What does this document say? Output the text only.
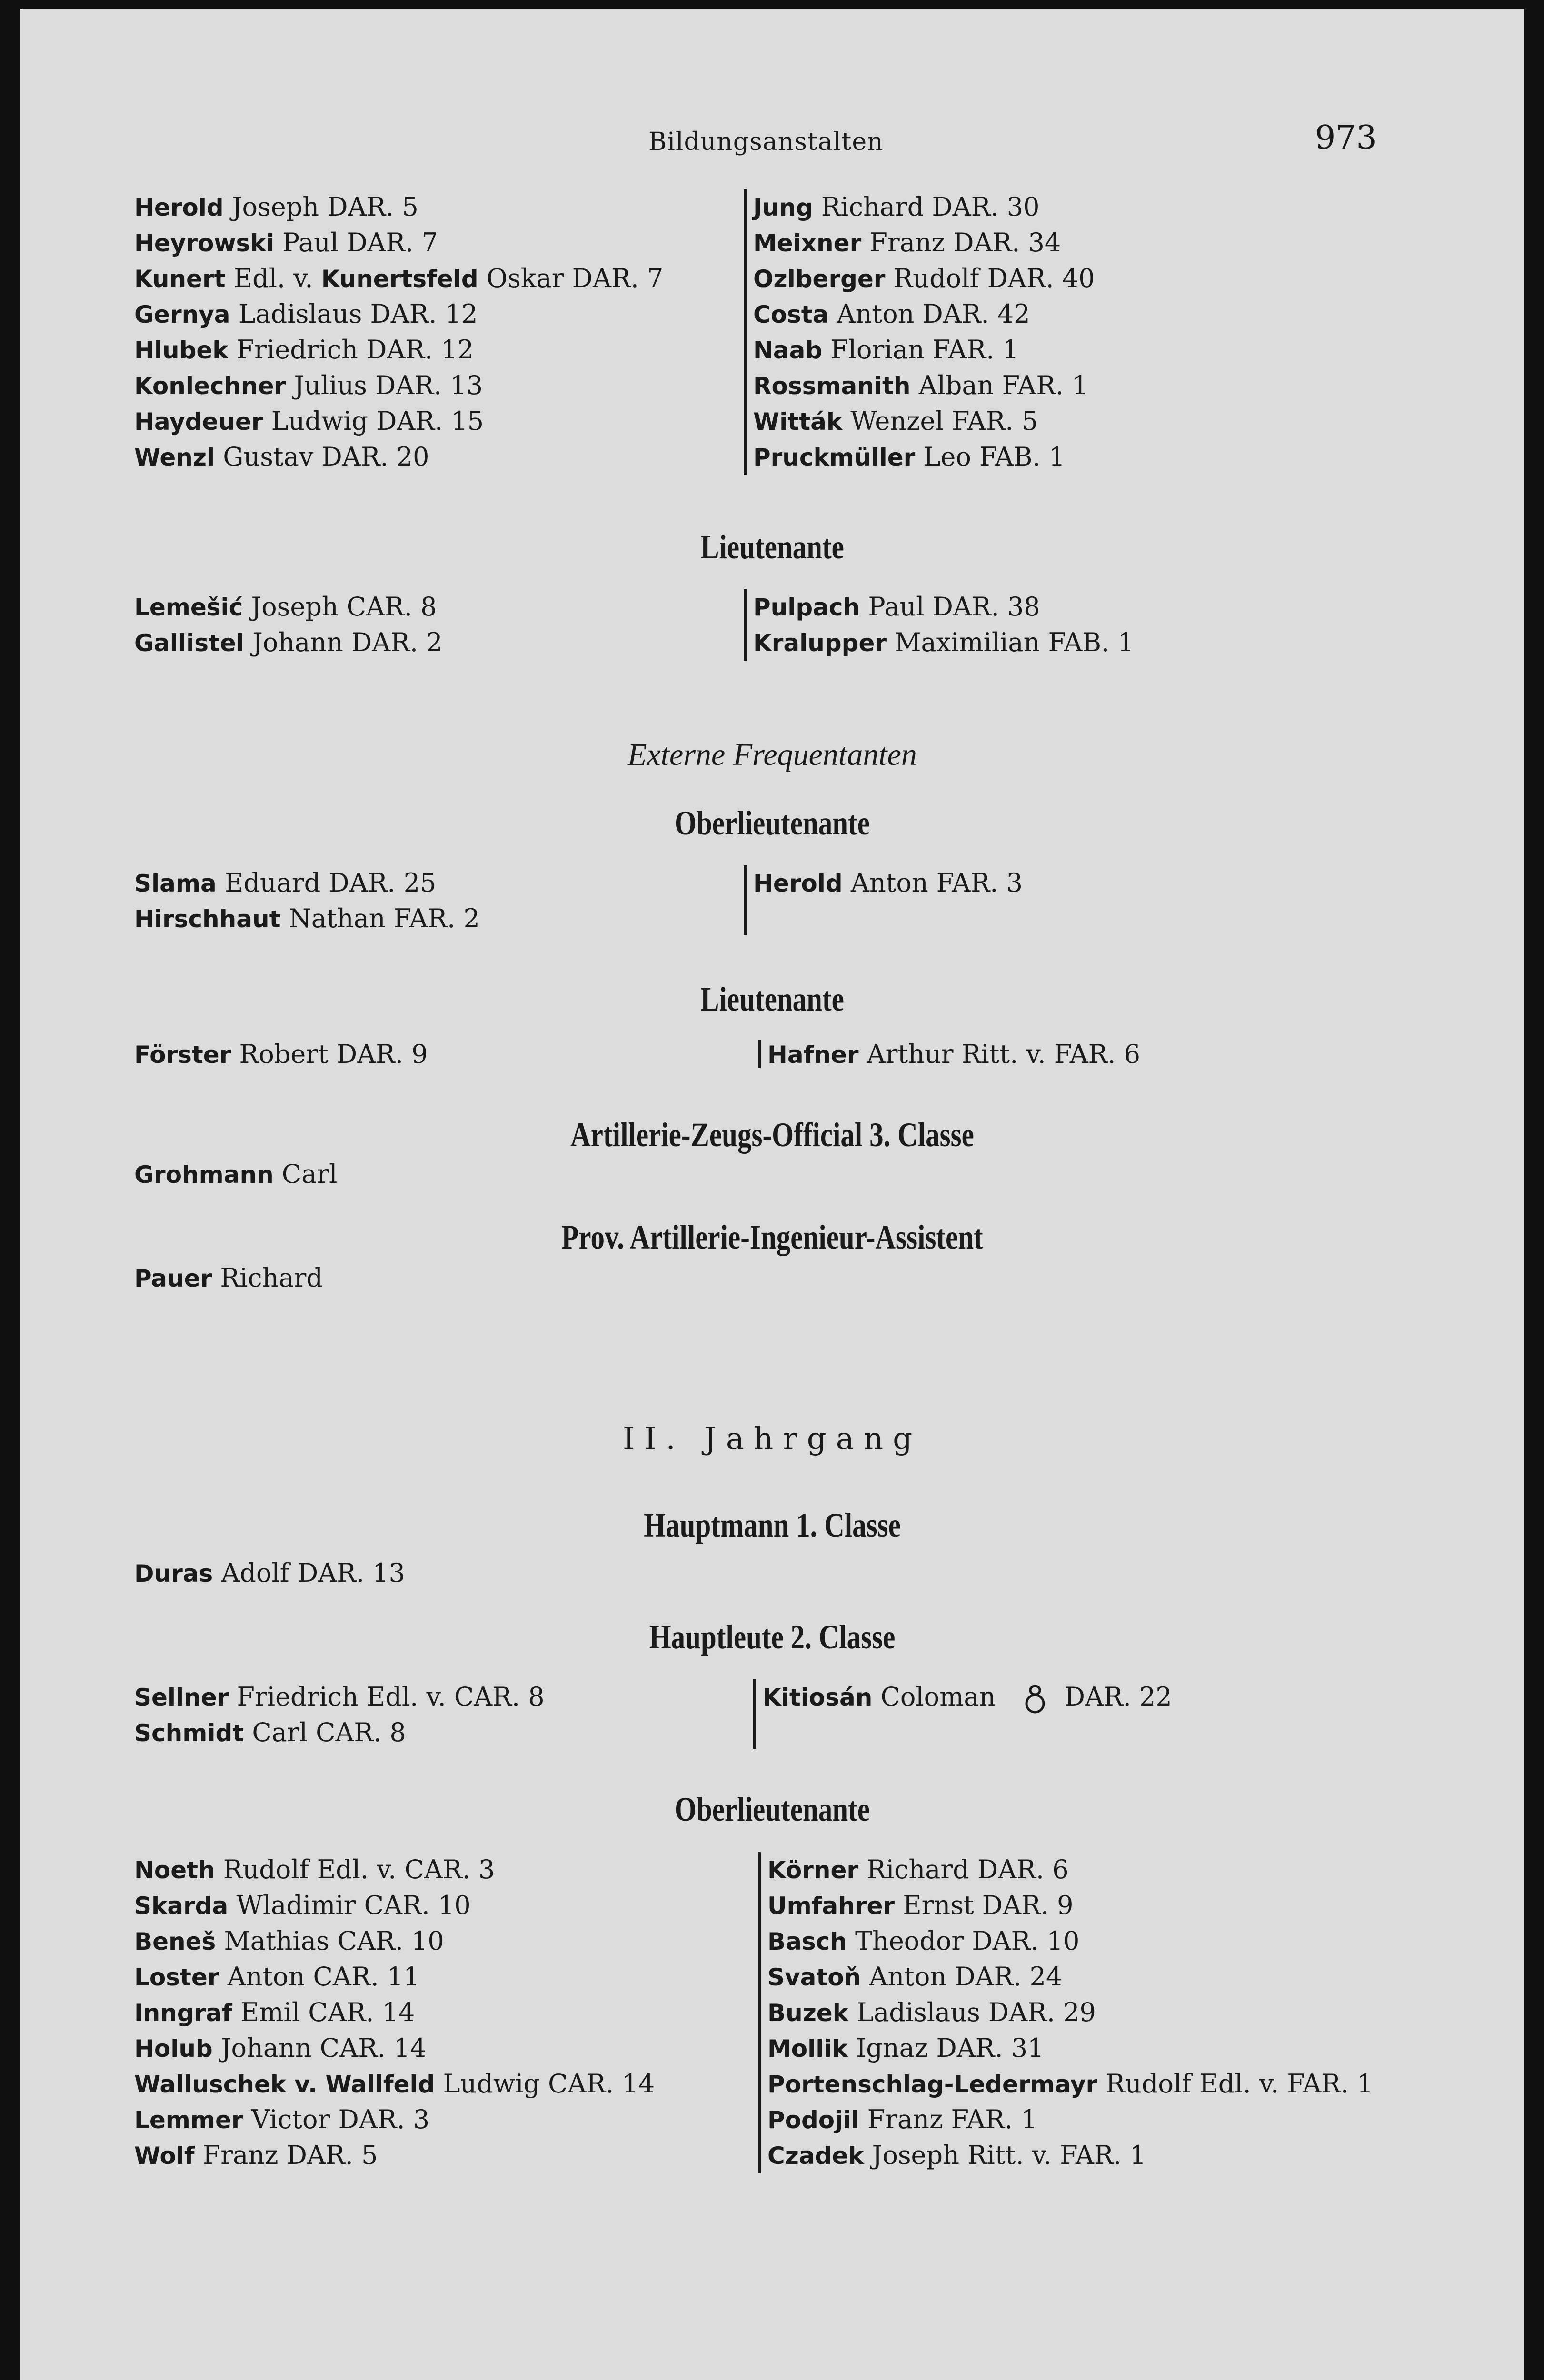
Bildungsanstalten	973
Herold Joseph DAR. 5
Heyrowski Paul DAR. 7
Kunert Edl. v. Kunertsfeld Oskar DAR. 7
Gernya Ladislaus DAR. 12
Hlubek Friedrich DAR. 12
Konlechner Julius DAR. 13
Haydeuer Ludwig DAR. 15
Wenzl Gustav DAR. 20
Jung Richard DAR. 30
Meixner Franz DAR. 34
Ozlberger Rudolf DAR. 40
Costa Anton DAR. 42
Naab Florian FAR. 1
Rossmanith Alban FAR. 1
Witták Wenzel FAR. 5
Pruckmüller Leo FAB. 1
Lieutenante
Lemešić Joseph CAR. 8
Gallistel Johann DAR. 2
Pulpach Paul DAR. 38
Kralupper Maximilian FAB. 1
Externe Frequentanten
Oberlieutenante
Slama Eduard DAR. 25
Hirschhaut Nathan FAR. 2
Herold Anton FAR. 3
Lieutenante
Förster Robert DAR. 9	Hafner Arthur Ritt. v. FAR. 6
Artillerie-Zeugs-Official 3. Classe
Grohmann Carl
Prov. Artillerie-Ingenieur-Assistent
Pauer Richard
II. Jahrgang
Hauptmann 1. Classe
Duras Adolf DAR. 13
Hauptleute 2. Classe
Sellner Friedrich Edl. v. CAR. 8
Schmidt Carl CAR. 8
Kitiosán Coloman	DAR. 22
Oberlieutenante
Noeth Rudolf Edl. v. CAR. 3
Skarda Wladimir CAR. 10
Beneš Mathias CAR. 10
Loster Anton CAR. 11
Inngraf Emil CAR. 14
Holub Johann CAR. 14
Walluschek v. Wallfeld Ludwig CAR. 14
Lemmer Victor DAR. 3
Wolf Franz DAR. 5
Körner Richard DAR. 6
Umfahrer Ernst DAR. 9
Basch Theodor DAR. 10
Svatoň Anton DAR. 24
Buzek Ladislaus DAR. 29
Mollik Ignaz DAR. 31
Portenschlag-Ledermayr Rudolf Edl. v. FAR. 1
Podojil Franz FAR. 1
Czadek Joseph Ritt. v. FAR. 1
